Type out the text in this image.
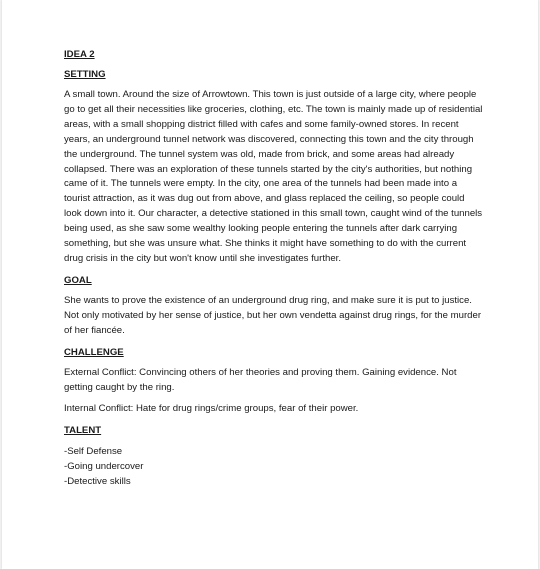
IDEA 2
SETTING

A small town. Around the size of Arrowtown. This town is just outside of a large city, where people go to get all their necessities like groceries, clothing, etc. The town is mainly made up of residential areas, with a small shopping district filled with cafes and some family-owned stores. In recent years, an underground tunnel network was discovered, connecting this town and the city through the underground. The tunnel system was old, made from brick, and some areas had already collapsed. There was an exploration of these tunnels started by the city's authorities, but nothing came of it. The tunnels were empty. In the city, one area of the tunnels had been made into a tourist attraction, as it was dug out from above, and glass replaced the ceiling, so people could look down into it. Our character, a detective stationed in this small town, caught wind of the tunnels being used, as she saw some wealthy looking people entering the tunnels after dark carrying something, but she was unsure what. She thinks it might have something to do with the current drug crisis in the city but won't know until she investigates further.

GOAL

She wants to prove the existence of an underground drug ring, and make sure it is put to justice. Not only motivated by her sense of justice, but her own vendetta against drug rings, for the murder of her fiancée.

CHALLENGE

External Conflict: Convincing others of her theories and proving them. Gaining evidence. Not getting caught by the ring.

Internal Conflict: Hate for drug rings/crime groups, fear of their power.

TALENT
-Self Defense
-Going undercover
-Detective skills
